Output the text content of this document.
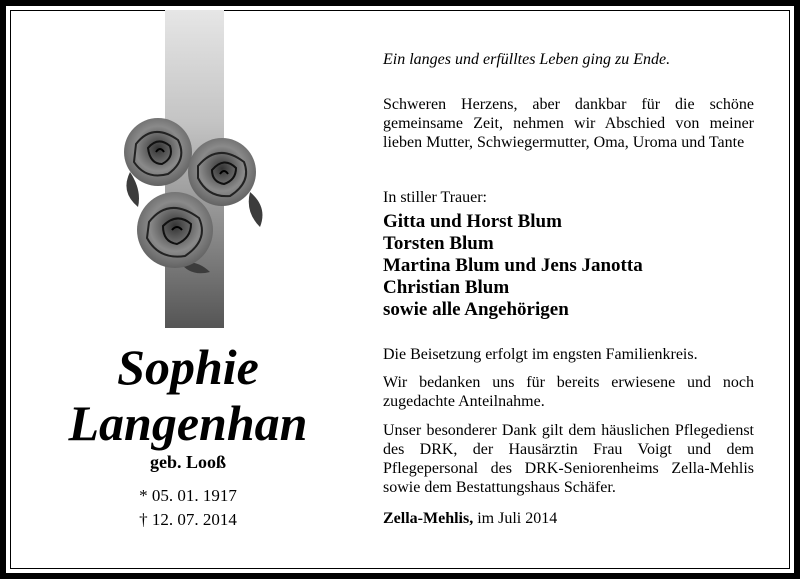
Sophie
Langenhan
geb. Looß
* 05. 01. 1917
† 12. 07. 2014
Ein langes und erfülltes Leben ging zu Ende.
Schweren Herzens, aber dankbar für die schöne gemeinsame Zeit, nehmen wir Abschied von meiner lieben Mutter, Schwiegermutter, Oma, Uroma und Tante
In stiller Trauer:
Gitta und Horst Blum
Torsten Blum
Martina Blum und Jens Janotta
Christian Blum
sowie alle Angehörigen
Die Beisetzung erfolgt im engsten Familienkreis.
Wir bedanken uns für bereits erwiesene und noch zugedachte Anteilnahme.
Unser besonderer Dank gilt dem häuslichen Pflegedienst des DRK, der Hausärztin Frau Voigt und dem Pflegepersonal des DRK-Seniorenheims Zella-Mehlis sowie dem Bestattungshaus Schäfer.
Zella-Mehlis, im Juli 2014
